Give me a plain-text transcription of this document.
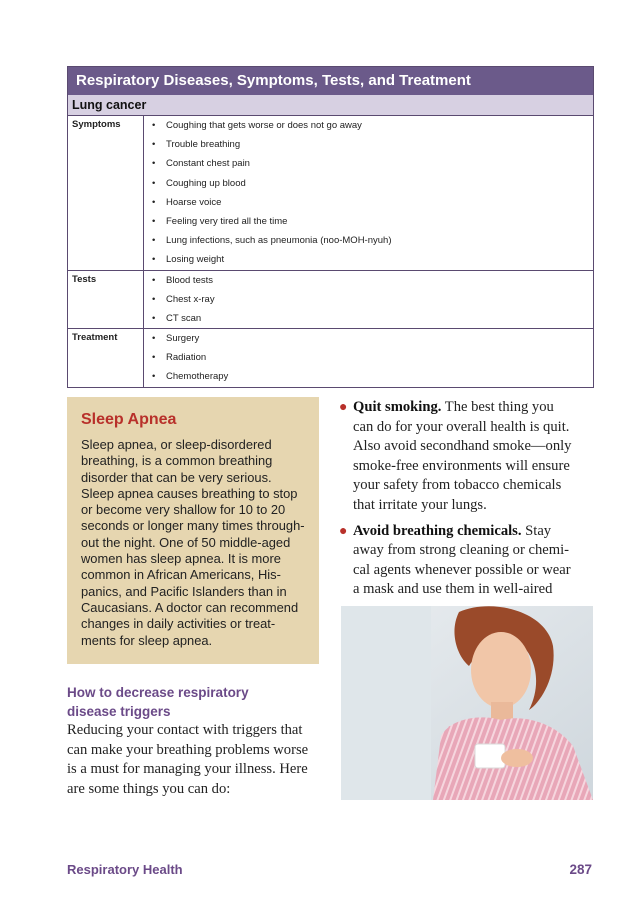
Respiratory Diseases, Symptoms, Tests, and Treatment
Lung cancer
Symptoms	•	Coughing that gets worse or does not go away
•	Trouble breathing
•	Constant chest pain
•	Coughing up blood
•	Hoarse voice
•	Feeling very tired all the time
•	Lung infections, such as pneumonia (noo-MOH-nyuh)
•	Losing weight
Tests	•	Blood tests
•	Chest x-ray
•	CT scan
Treatment	•	Surgery
•	Radiation
•	Chemotherapy
Sleep Apnea
Sleep apnea, or sleep-disordered
breathing, is a common breathing
disorder that can be very serious.
Sleep apnea causes breathing to stop
or become very shallow for 10 to 20
seconds or longer many times through-
out the night. One of 50 middle-aged
women has sleep apnea. It is more
common in African Americans, His-
panics, and Pacific Islanders than in
Caucasians. A doctor can recommend
changes in daily activities or treat-
ments for sleep apnea.
How to decrease respiratory
disease triggers
Reducing your contact with triggers that
can make your breathing problems worse
is a must for managing your illness. Here
are some things you can do:
● Quit smoking. The best thing you
can do for your overall health is quit.
Also avoid secondhand smoke—only
smoke-free environments will ensure
your safety from tobacco chemicals
that irritate your lungs.
● Avoid breathing chemicals. Stay
away from strong cleaning or chemi-
cal agents whenever possible or wear
a mask and use them in well-aired
Respiratory Health	287
